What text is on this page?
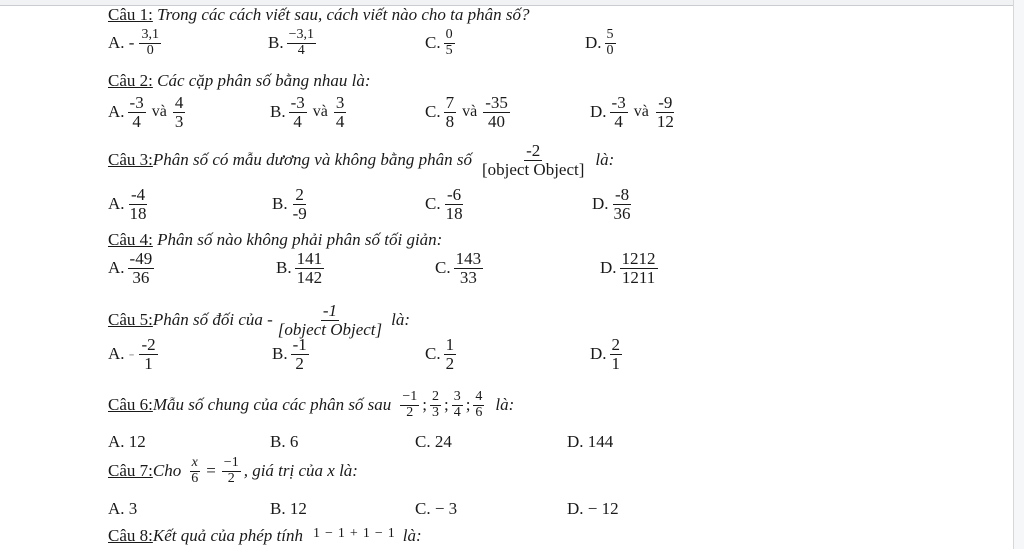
Câu 1: Trong các cách viết sau, cách viết nào cho ta phân số?
A.
- $\frac{3,1}{0}$	B. $\frac{-3,1}{4}$	C. $\frac{0}{5}$	D. $\frac{5}{0}$
Câu 2: Các cặp phân số bằng nhau là:
A. $\frac{-3}{4}$ và $\frac{4}{3}$	B. $\frac{-3}{4}$ và $\frac{3}{4}$	C. $\frac{7}{8}$ và $\frac{-35}{40}$	D. $\frac{-3}{4}$ và $\frac{-9}{12}$
Câu 3: Phân số có mẫu dương và không bằng phân số $\frac{-2}{\text{[object Object]}}$ là:
A. $\frac{-4}{18}$	B. $\frac{2}{-9}$	C. $\frac{-6}{18}$	D. $\frac{-8}{36}$
Câu 4: Phân số nào không phải phân số tối giản:
A. $\frac{-49}{36}$	B. $\frac{141}{142}$	C. $\frac{143}{33}$	D. $\frac{1212}{1211}$
Câu 5: Phân số đối của - $\frac{-1}{\text{[object Object]}}$ là:
A.
- $\frac{-2}{1}$	B. $\frac{-1}{2}$	C. $\frac{1}{2}$	D. $\frac{2}{1}$
Câu 6: Mẫu số chung của các phân số sau $\frac{-1}{2}$ ; $\frac{2}{3}$ ; $\frac{3}{4}$ ; $\frac{4}{6}$ là:
A. 12	B. 6	C. 24	D. 144
Câu 7: Cho $\frac{x}{6} = \frac{-1}{2}$ , giá trị của x là:
A. 3	B. 12	C. − 3	D. − 12
Câu 8: Kết quả của phép tính 1 − 1 + 1 − 1 là:
